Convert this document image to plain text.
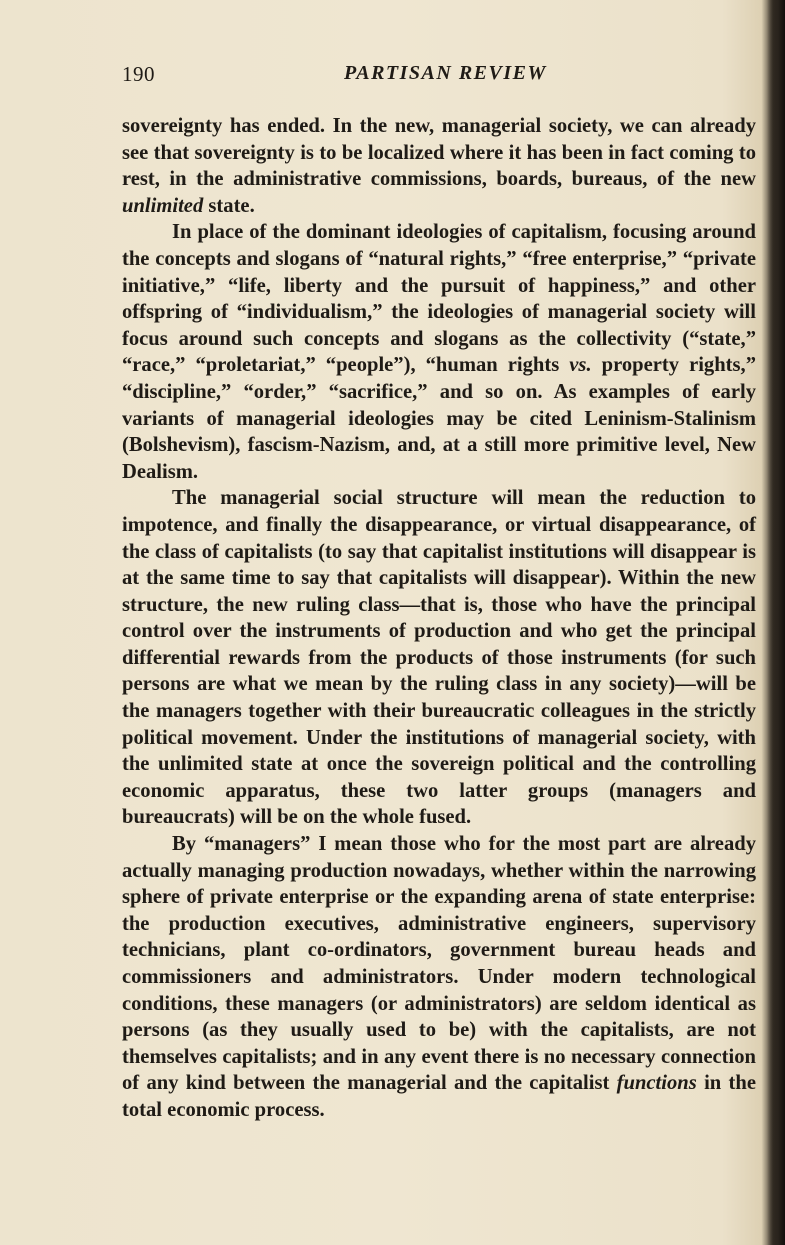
190	PARTISAN REVIEW

sovereignty has ended. In the new, managerial society, we can already see that sovereignty is to be localized where it has been in fact coming to rest, in the administrative commissions, boards, bureaus, of the new unlimited state.

In place of the dominant ideologies of capitalism, focusing around the concepts and slogans of “natural rights,” “free enterprise,” “private initiative,” “life, liberty and the pursuit of happiness,” and other offspring of “individualism,” the ideologies of managerial society will focus around such concepts and slogans as the collectivity (“state,” “race,” “proletariat,” “people”), “human rights vs. property rights,” “discipline,” “order,” “sacrifice,” and so on. As examples of early variants of managerial ideologies may be cited Leninism-Stalinism (Bolshevism), fascism-Nazism, and, at a still more primitive level, New Dealism.

The managerial social structure will mean the reduction to impotence, and finally the disappearance, or virtual disappearance, of the class of capitalists (to say that capitalist institutions will disappear is at the same time to say that capitalists will disappear). Within the new structure, the new ruling class—that is, those who have the principal control over the instruments of production and who get the principal differential rewards from the products of those instruments (for such persons are what we mean by the ruling class in any society)—will be the managers together with their bureaucratic colleagues in the strictly political movement. Under the institutions of managerial society, with the unlimited state at once the sovereign political and the controlling economic apparatus, these two latter groups (managers and bureaucrats) will be on the whole fused.

By “managers” I mean those who for the most part are already actually managing production nowadays, whether within the narrowing sphere of private enterprise or the expanding arena of state enterprise: the production executives, administrative engineers, supervisory technicians, plant co-ordinators, government bureau heads and commissioners and administrators. Under modern technological conditions, these managers (or administrators) are seldom identical as persons (as they usually used to be) with the capitalists, are not themselves capitalists; and in any event there is no necessary connection of any kind between the managerial and the capitalist functions in the total economic process.
